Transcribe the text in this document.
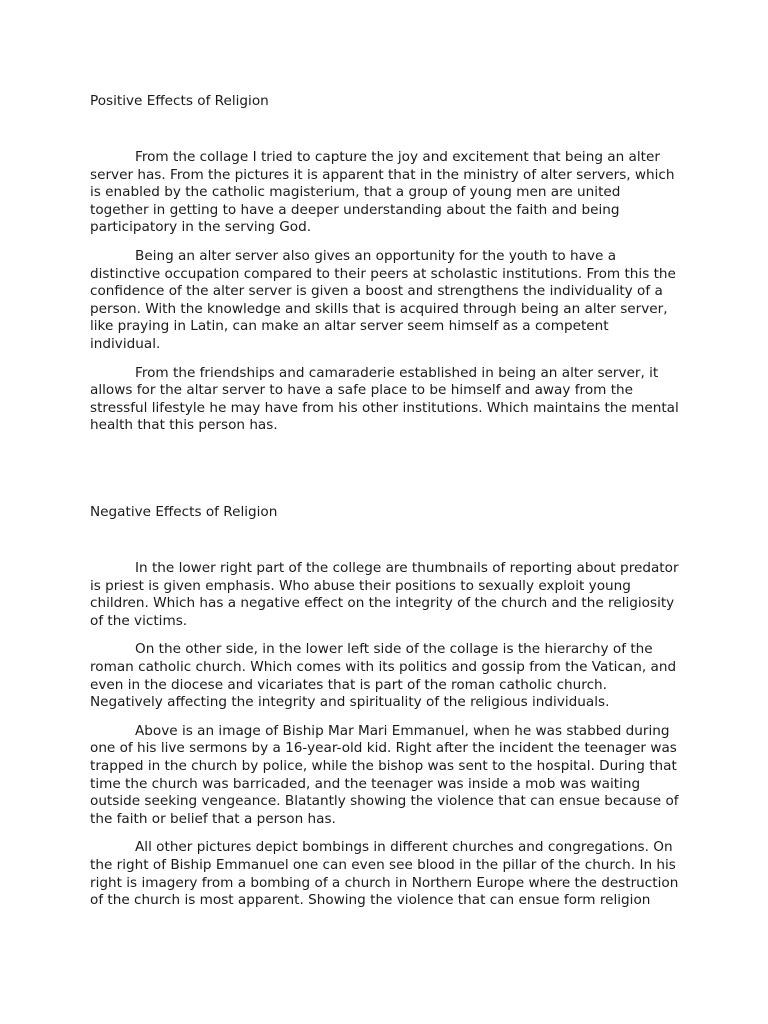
Positive Effects of Religion

From the collage I tried to capture the joy and excitement that being an alter server has. From the pictures it is apparent that in the ministry of alter servers, which is enabled by the catholic magisterium, that a group of young men are united together in getting to have a deeper understanding about the faith and being participatory in the serving God.

Being an alter server also gives an opportunity for the youth to have a distinctive occupation compared to their peers at scholastic institutions. From this the confidence of the alter server is given a boost and strengthens the individuality of a person. With the knowledge and skills that is acquired through being an alter server, like praying in Latin, can make an altar server seem himself as a competent individual.

From the friendships and camaraderie established in being an alter server, it allows for the altar server to have a safe place to be himself and away from the stressful lifestyle he may have from his other institutions. Which maintains the mental health that this person has.

Negative Effects of Religion

In the lower right part of the college are thumbnails of reporting about predator is priest is given emphasis. Who abuse their positions to sexually exploit young children. Which has a negative effect on the integrity of the church and the religiosity of the victims.

On the other side, in the lower left side of the collage is the hierarchy of the roman catholic church. Which comes with its politics and gossip from the Vatican, and even in the diocese and vicariates that is part of the roman catholic church. Negatively affecting the integrity and spirituality of the religious individuals.

Above is an image of Biship Mar Mari Emmanuel, when he was stabbed during one of his live sermons by a 16-year-old kid. Right after the incident the teenager was trapped in the church by police, while the bishop was sent to the hospital. During that time the church was barricaded, and the teenager was inside a mob was waiting outside seeking vengeance. Blatantly showing the violence that can ensue because of the faith or belief that a person has.

All other pictures depict bombings in different churches and congregations. On the right of Biship Emmanuel one can even see blood in the pillar of the church. In his right is imagery from a bombing of a church in Northern Europe where the destruction of the church is most apparent. Showing the violence that can ensue form religion
